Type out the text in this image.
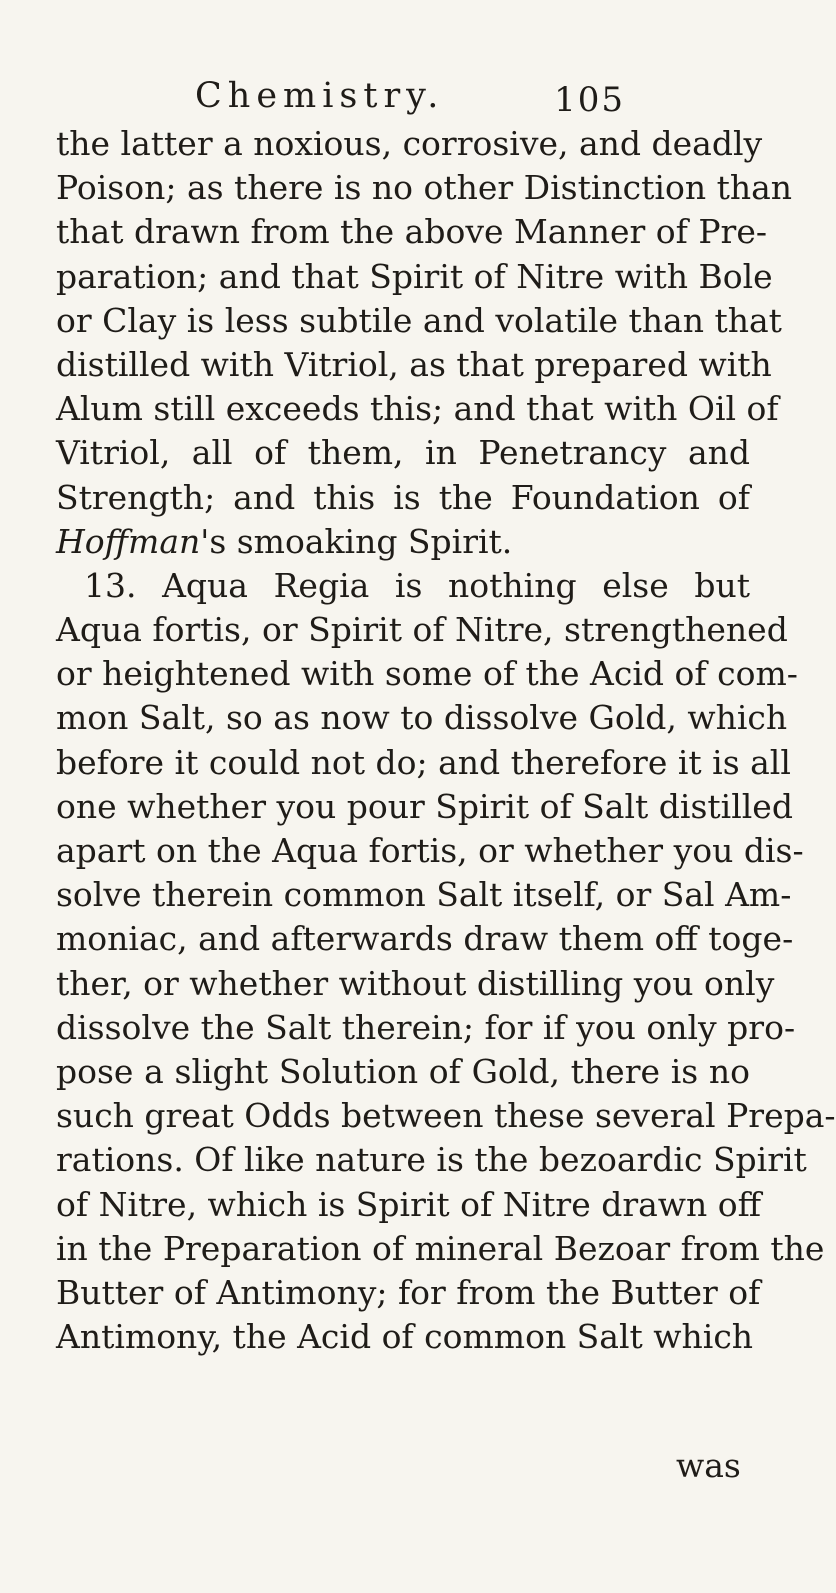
Chemistry.	105
the latter a noxious, corrosive, and deadly
Poison; as there is no other Distinction than
that drawn from the above Manner of Pre-
paration; and that Spirit of Nitre with Bole
or Clay is less subtile and volatile than that
distilled with Vitriol, as that prepared with
Alum still exceeds this; and that with Oil of
Vitriol, all of them, in Penetrancy and
Strength; and this is the Foundation of
Hoffman's smoaking Spirit.
13. Aqua Regia is nothing else but
Aqua fortis, or Spirit of Nitre, strengthened
or heightened with some of the Acid of com-
mon Salt, so as now to dissolve Gold, which
before it could not do; and therefore it is all
one whether you pour Spirit of Salt distilled
apart on the Aqua fortis, or whether you dis-
solve therein common Salt itself, or Sal Am-
moniac, and afterwards draw them off toge-
ther, or whether without distilling you only
dissolve the Salt therein; for if you only pro-
pose a slight Solution of Gold, there is no
such great Odds between these several Prepa-
rations. Of like nature is the bezoardic Spirit
of Nitre, which is Spirit of Nitre drawn off
in the Preparation of mineral Bezoar from the
Butter of Antimony; for from the Butter of
Antimony, the Acid of common Salt which
was
